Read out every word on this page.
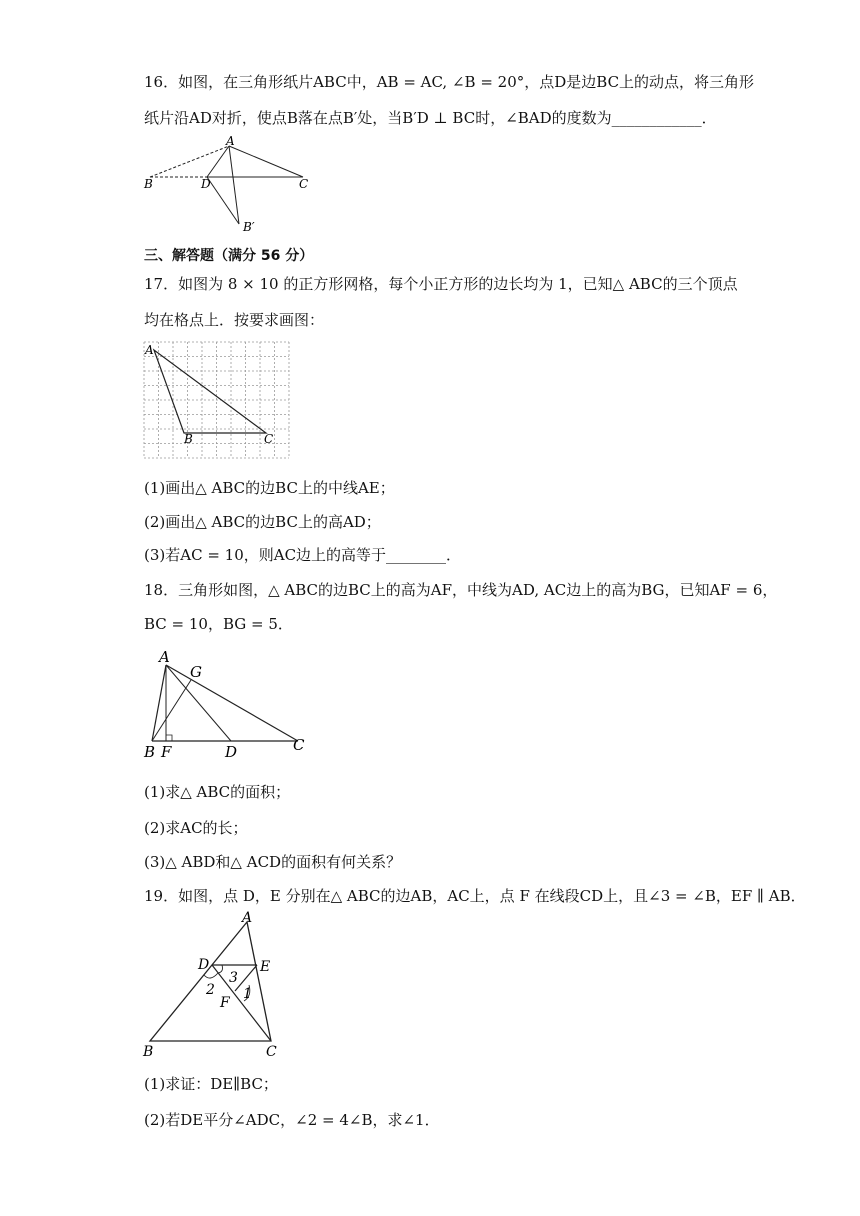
16．如图，在三角形纸片ABC中，AB = AC, ∠B = 20°，点D是边BC上的动点，将三角形
纸片沿AD对折，使点B落在点B′处，当B′D ⊥ BC时，∠BAD的度数为____________．
A
B	D	C
B′
三、解答题（满分 56 分）
17．如图为 8 × 10 的正方形网格，每个小正方形的边长均为 1，已知△ ABC的三个顶点
均在格点上．按要求画图：
A
B	C
(1)画出△ ABC的边BC上的中线AE；
(2)画出△ ABC的边BC上的高AD；
(3)若AC = 10，则AC边上的高等于________．
18．三角形如图，△ ABC的边BC上的高为AF，中线为AD, AC边上的高为BG，已知AF = 6，
BC = 10，BG = 5．
A
G
B F	D	C
(1)求△ ABC的面积；
(2)求AC的长；
(3)△ ABD和△ ACD的面积有何关系？
19．如图，点 D，E 分别在△ ABC的边AB，AC上，点 F 在线段CD上，且∠3 = ∠B，EF ∥ AB．
A
D	E
F
B	C
1
2
3
(1)求证：DE∥BC；
(2)若DE平分∠ADC，∠2 = 4∠B，求∠1．
